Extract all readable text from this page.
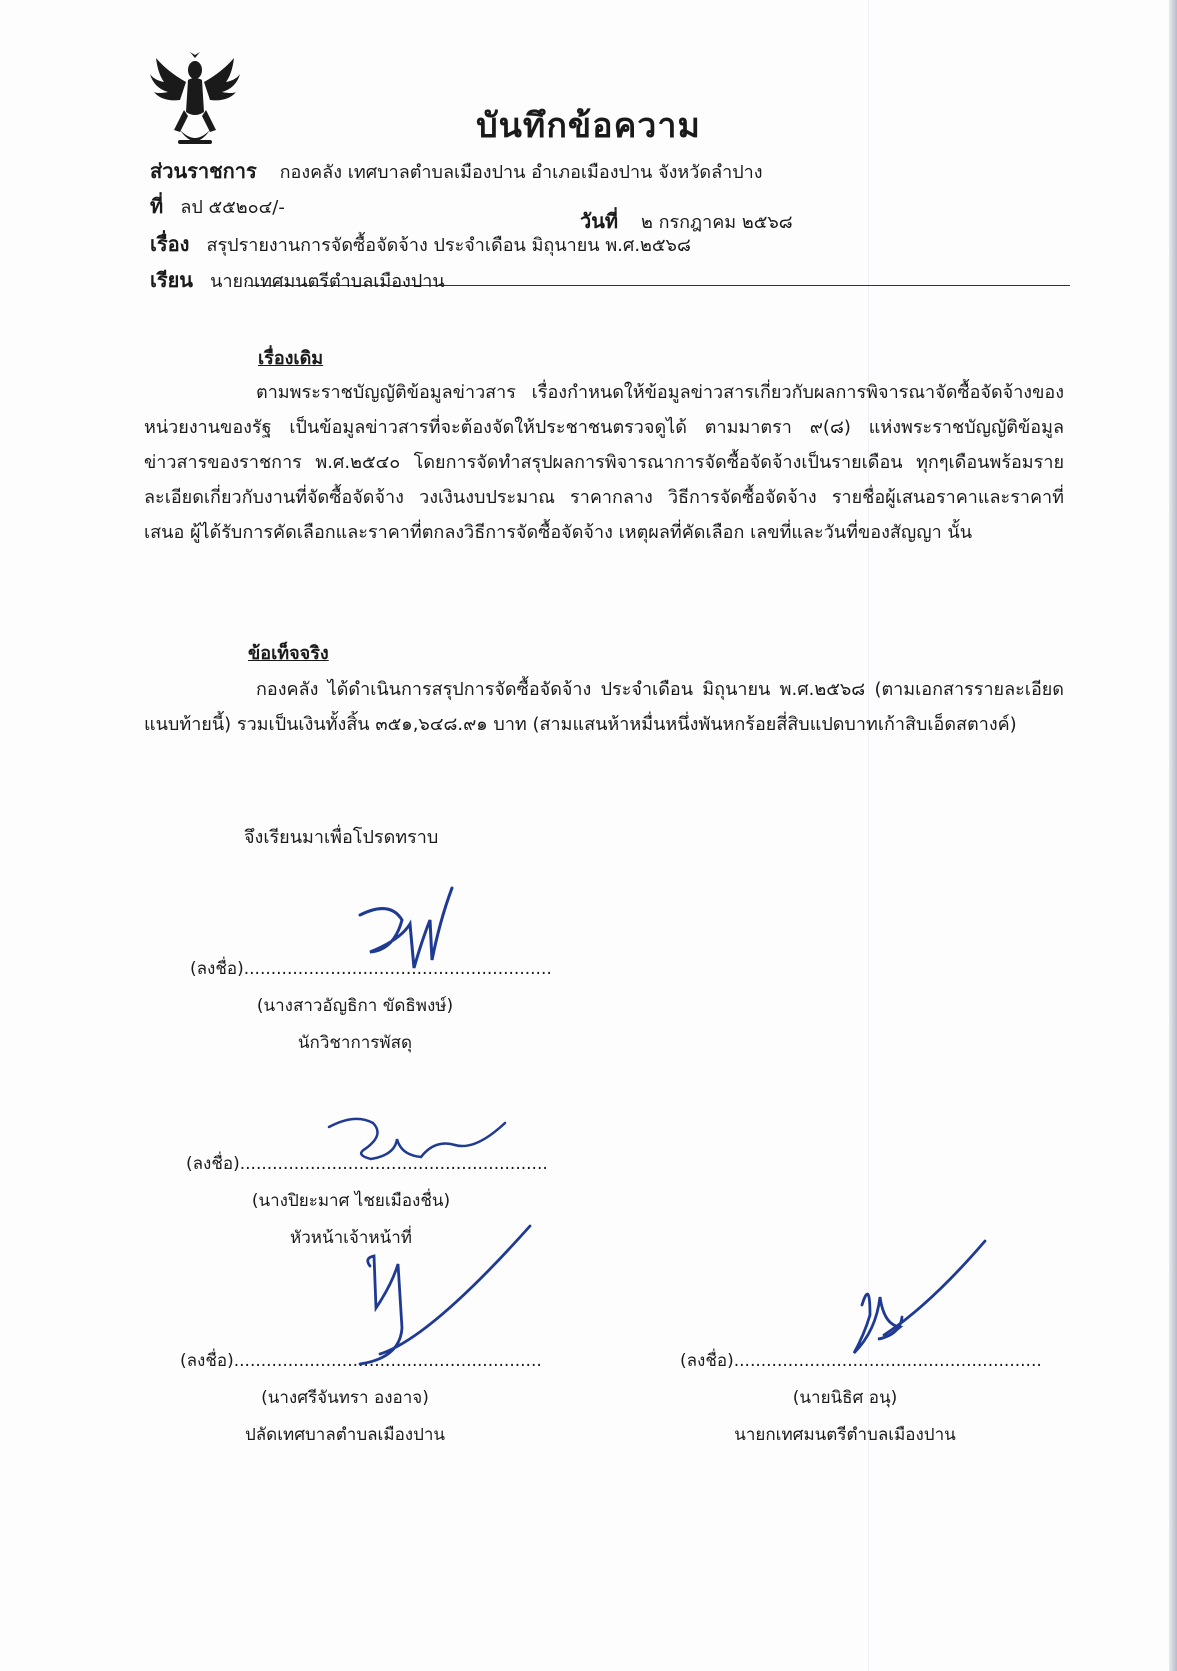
บันทึกข้อความ
ส่วนราชการ กองคลัง เทศบาลตำบลเมืองปาน อำเภอเมืองปาน จังหวัดลำปาง
ที่ ลป ๕๕๒๐๔/-
วันที่ ๒ กรกฎาคม ๒๕๖๘
เรื่อง สรุปรายงานการจัดซื้อจัดจ้าง ประจำเดือน มิถุนายน พ.ศ.๒๕๖๘
เรียน นายกเทศมนตรีตำบลเมืองปาน
เรื่องเดิม
ตามพระราชบัญญัติข้อมูลข่าวสาร เรื่องกำหนดให้ข้อมูลข่าวสารเกี่ยวกับผลการพิจารณาจัดซื้อจัดจ้างของหน่วยงานของรัฐ เป็นข้อมูลข่าวสารที่จะต้องจัดให้ประชาชนตรวจดูได้ ตามมาตรา ๙(๘) แห่งพระราชบัญญัติข้อมูลข่าวสารของราชการ พ.ศ.๒๕๔๐ โดยการจัดทำสรุปผลการพิจารณาการจัดซื้อจัดจ้างเป็นรายเดือน ทุกๆเดือนพร้อมรายละเอียดเกี่ยวกับงานที่จัดซื้อจัดจ้าง วงเงินงบประมาณ ราคากลาง วิธีการจัดซื้อจัดจ้าง รายชื่อผู้เสนอราคาและราคาที่เสนอ ผู้ได้รับการคัดเลือกและราคาที่ตกลงวิธีการจัดซื้อจัดจ้าง เหตุผลที่คัดเลือก เลขที่และวันที่ของสัญญา นั้น
ข้อเท็จจริง
กองคลัง ได้ดำเนินการสรุปการจัดซื้อจัดจ้าง ประจำเดือน มิถุนายน พ.ศ.๒๕๖๘ (ตามเอกสารรายละเอียดแนบท้ายนี้) รวมเป็นเงินทั้งสิ้น ๓๕๑,๖๔๘.๙๑ บาท (สามแสนห้าหมื่นหนึ่งพันหกร้อยสี่สิบแปดบาทเก้าสิบเอ็ดสตางค์)
จึงเรียนมาเพื่อโปรดทราบ
(ลงชื่อ).........................................................
(นางสาวอัญธิกา ขัดธิพงษ์)
นักวิชาการพัสดุ
(ลงชื่อ).........................................................
(นางปิยะมาศ ไชยเมืองชื่น)
หัวหน้าเจ้าหน้าที่
(ลงชื่อ).........................................................
(นางศรีจันทรา องอาจ)
ปลัดเทศบาลตำบลเมืองปาน
(ลงชื่อ).........................................................
(นายนิธิศ อนุ)
นายกเทศมนตรีตำบลเมืองปาน
